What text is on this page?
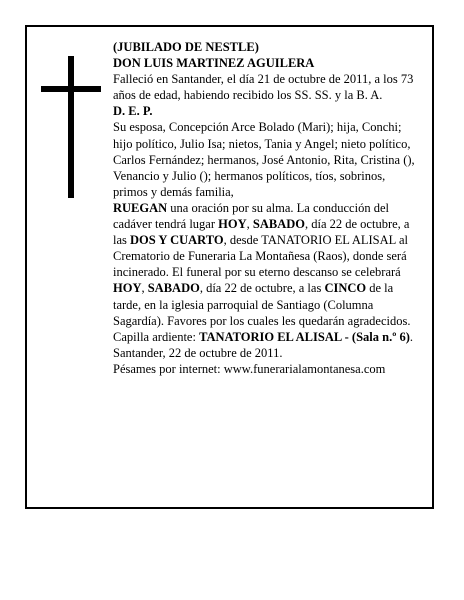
(JUBILADO DE NESTLE)

DON LUIS MARTINEZ AGUILERA

Falleció en Santander, el día 21 de octubre de 2011, a los 73 años de edad, habiendo recibido los SS. SS. y la B. A.

D. E. P.

Su esposa, Concepción Arce Bolado (Mari); hija, Conchi; hijo político, Julio Isa; nietos, Tania y Angel; nieto político, Carlos Fernández; hermanos, José Antonio, Rita, Cristina (), Venancio y Julio (); hermanos políticos, tíos, sobrinos, primos y demás familia,

RUEGAN una oración por su alma. La conducción del cadáver tendrá lugar HOY, SABADO, día 22 de octubre, a las DOS Y CUARTO, desde TANATORIO EL ALISAL al Crematorio de Funeraria La Montañesa (Raos), donde será incinerado. El funeral por su eterno descanso se celebrará HOY, SABADO, día 22 de octubre, a las CINCO de la tarde, en la iglesia parroquial de Santiago (Columna Sagardía). Favores por los cuales les quedarán agradecidos.

Capilla ardiente: TANATORIO EL ALISAL - (Sala n.º 6).

Santander, 22 de octubre de 2011.

Pésames por internet: www.funerarialamontanesa.com
